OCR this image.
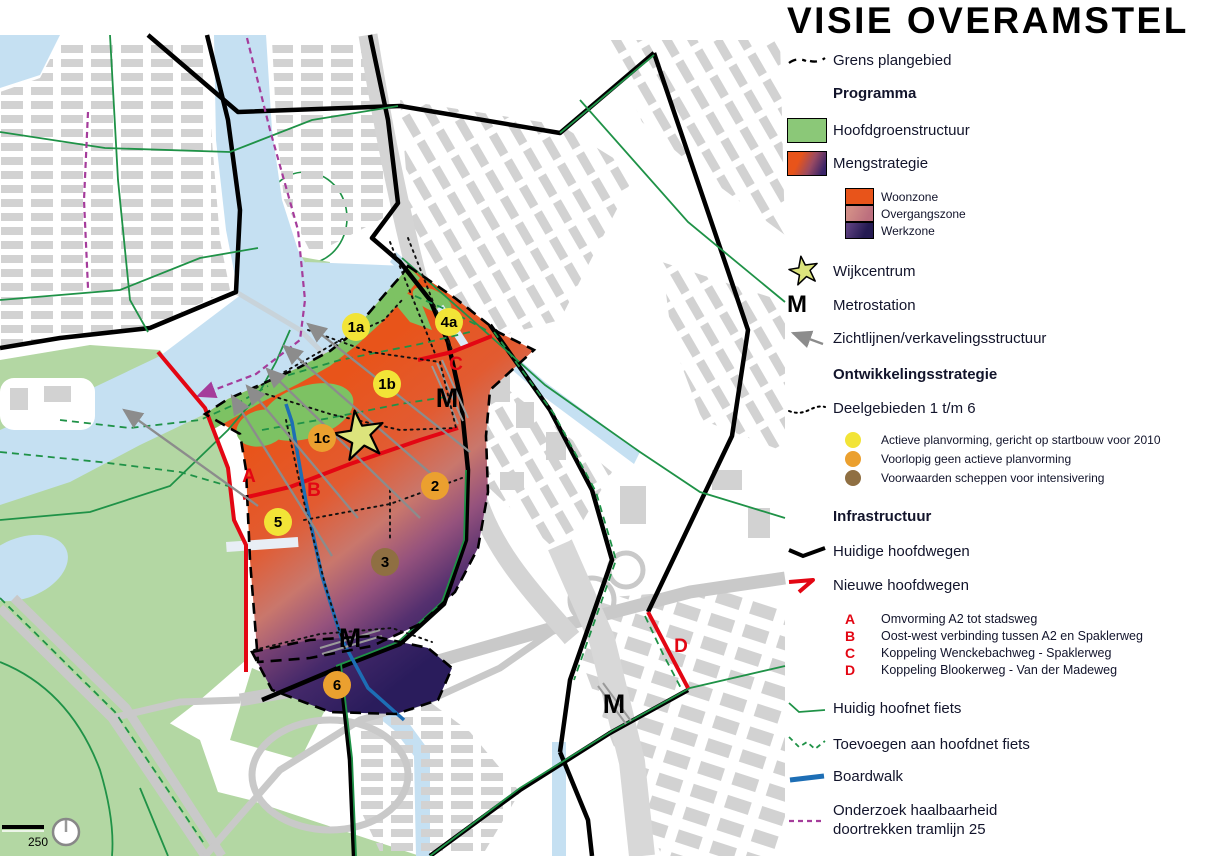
M
M
M
A
B
C
D
1a
1b
1c
2
3
4a
5
6
250
VISIE OVERAMSTEL
Grens plangebied
Programma
Hoofdgroenstructuur
Mengstrategie
Woonzone
Overgangszone
Werkzone
Wijkcentrum
M Metrostation
Zichtlijnen/verkavelingsstructuur
Ontwikkelingsstrategie
Deelgebieden 1 t/m 6
Actieve planvorming, gericht op startbouw voor 2010
Voorlopig geen actieve planvorming
Voorwaarden scheppen voor intensivering
Infrastructuur
Huidige hoofdwegen
Nieuwe hoofdwegen
A	Omvorming A2 tot stadsweg
B	Oost-west verbinding tussen A2 en Spaklerweg
C	Koppeling Wenckebachweg - Spaklerweg
D	Koppeling Blookerweg - Van der Madeweg
Huidig hoofnet fiets
Toevoegen aan hoofdnet fiets
Boardwalk
Onderzoek haalbaarheid
doortrekken tramlijn 25
